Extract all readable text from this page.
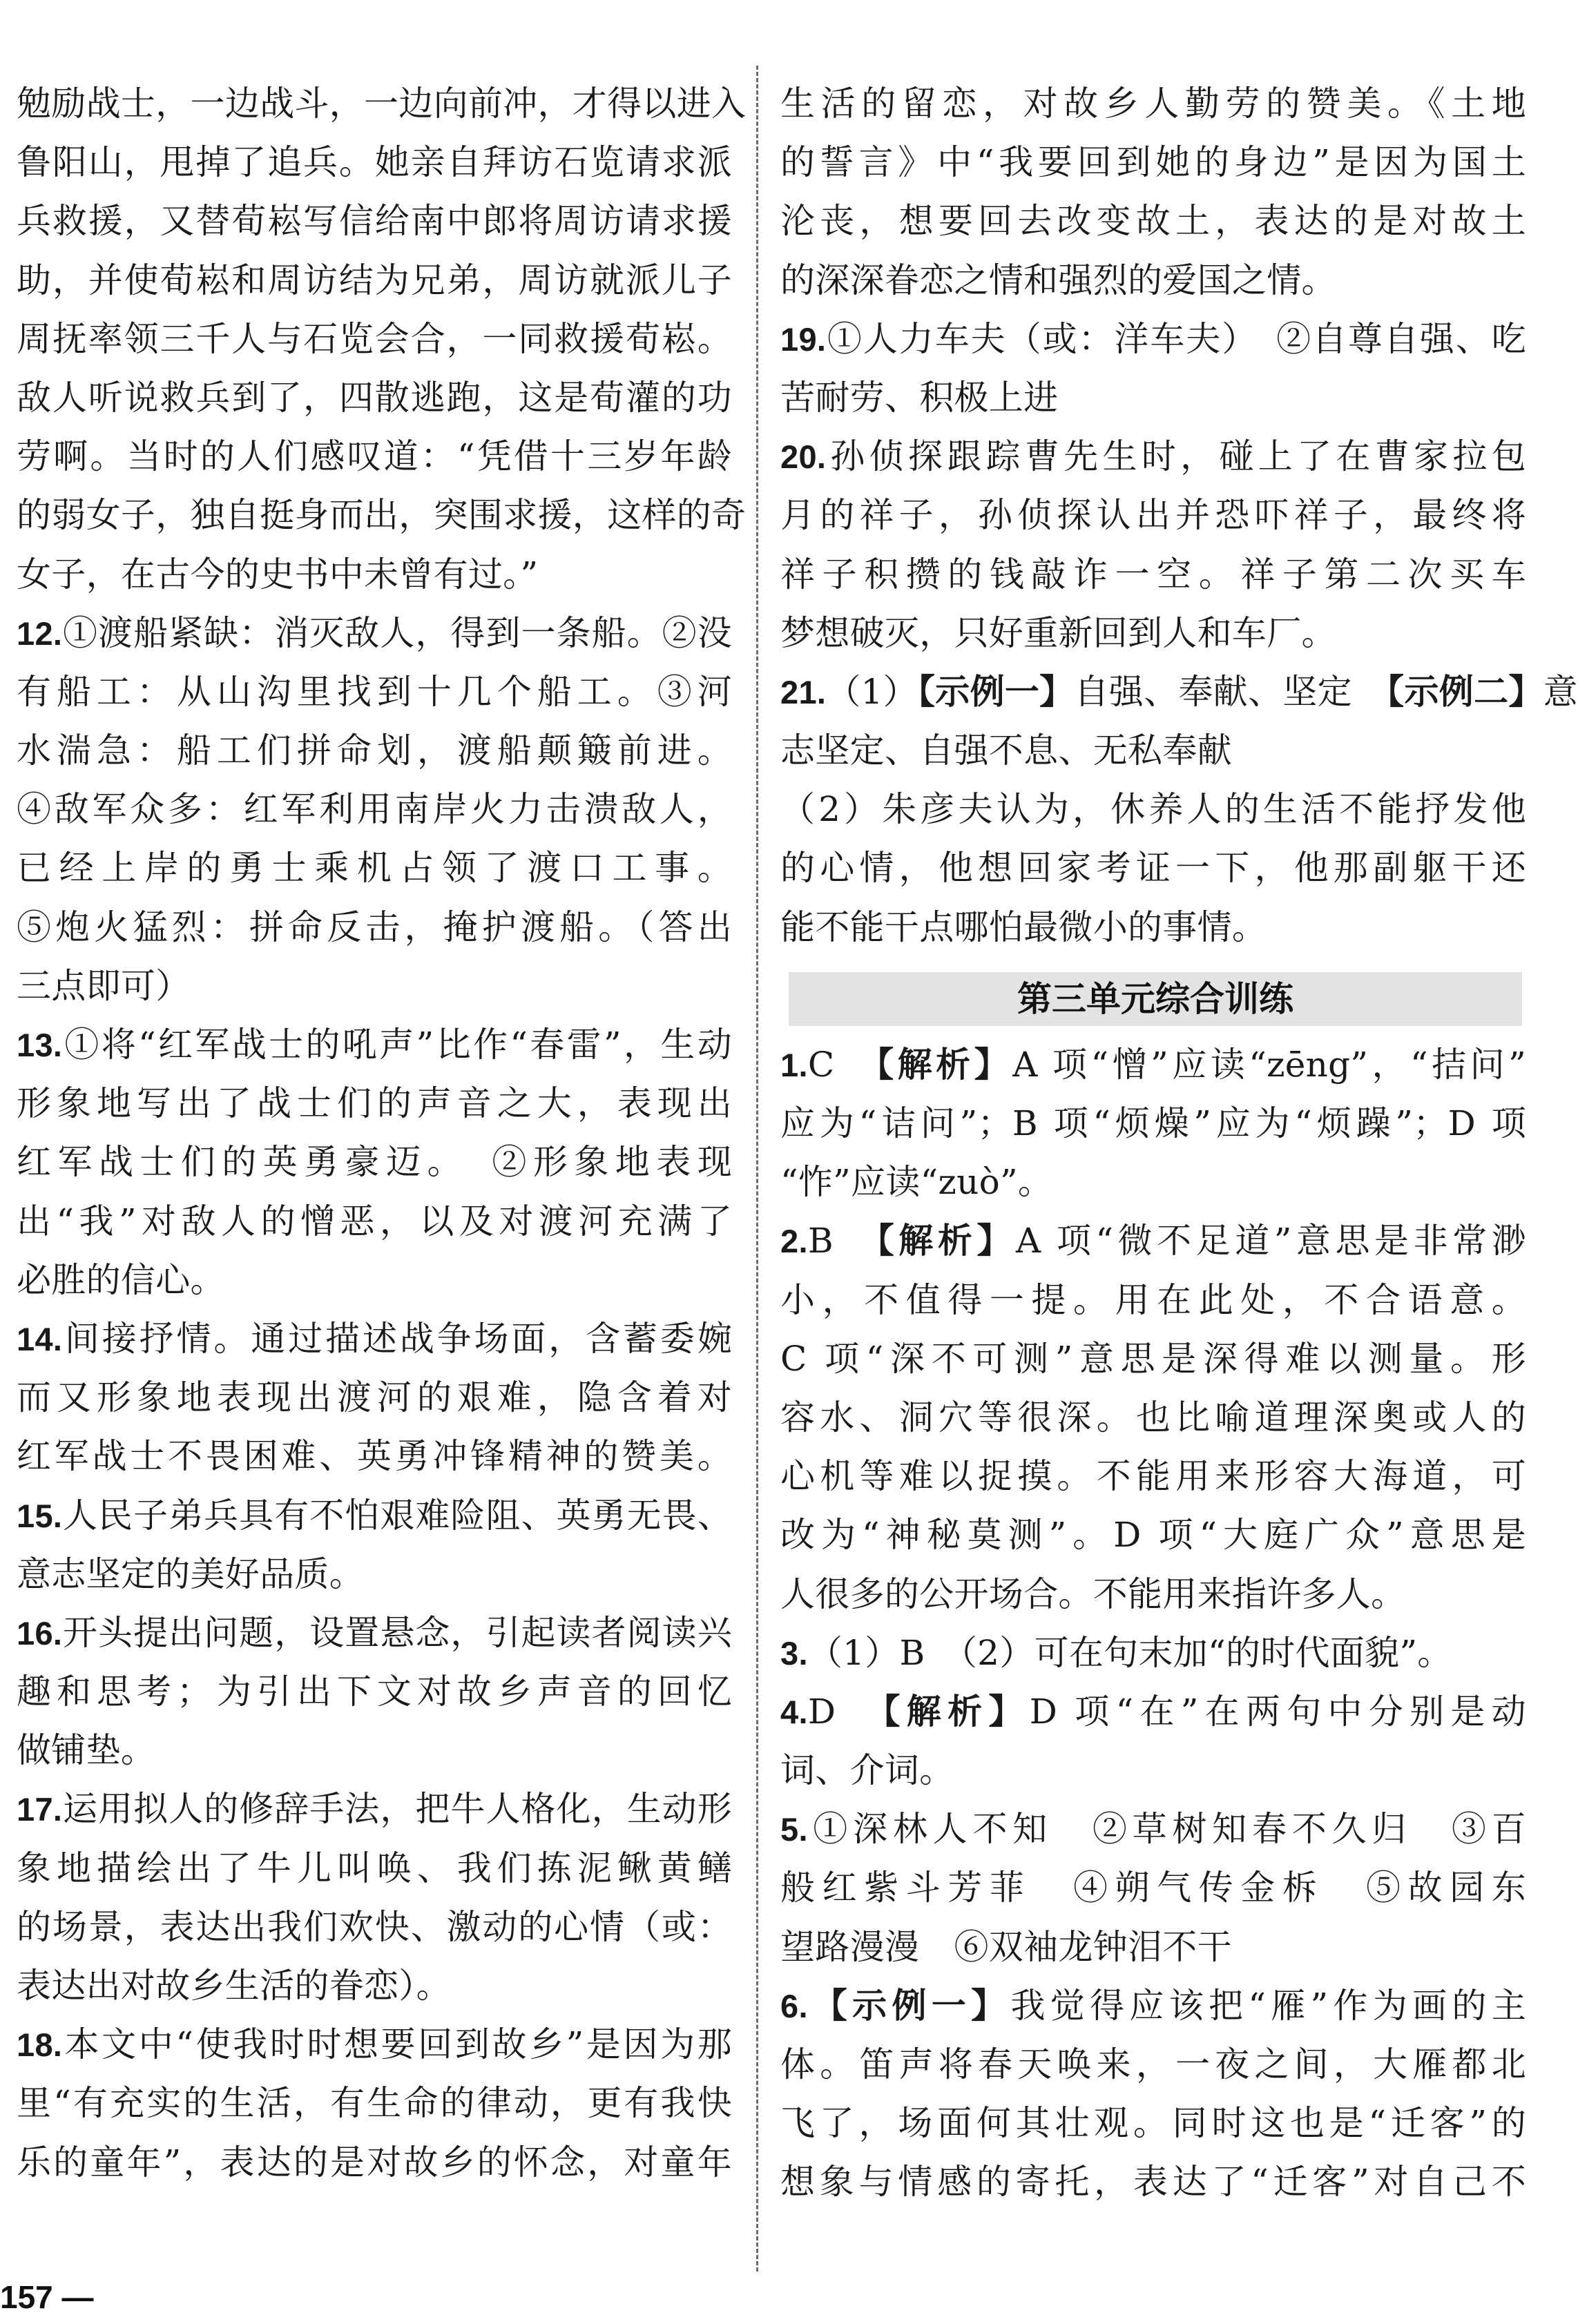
勉励战士，一边战斗，一边向前冲，才得以进入
鲁阳山，甩掉了追兵。她亲自拜访石览请求派
兵救援，又替荀崧写信给南中郎将周访请求援
助，并使荀崧和周访结为兄弟，周访就派儿子
周抚率领三千人与石览会合，一同救援荀崧。
敌人听说救兵到了，四散逃跑，这是荀灌的功
劳啊。当时的人们感叹道：“凭借十三岁年龄
的弱女子，独自挺身而出，突围求援，这样的奇
女子，在古今的史书中未曾有过。”
12.①渡船紧缺：消灭敌人，得到一条船。②没
有船工：从山沟里找到十几个船工。③河
水湍急：船工们拼命划，渡船颠簸前进。
④敌军众多：红军利用南岸火力击溃敌人，
已经上岸的勇士乘机占领了渡口工事。
⑤炮火猛烈：拼命反击，掩护渡船。（答出
三点即可）
13.①将“红军战士的吼声”比作“春雷”，生动
形象地写出了战士们的声音之大，表现出
红军战士们的英勇豪迈。　②形象地表现
出“我”对敌人的憎恶，以及对渡河充满了
必胜的信心。
14.间接抒情。通过描述战争场面，含蓄委婉
而又形象地表现出渡河的艰难，隐含着对
红军战士不畏困难、英勇冲锋精神的赞美。
15.人民子弟兵具有不怕艰难险阻、英勇无畏、
意志坚定的美好品质。
16.开头提出问题，设置悬念，引起读者阅读兴
趣和思考；为引出下文对故乡声音的回忆
做铺垫。
17.运用拟人的修辞手法，把牛人格化，生动形
象地描绘出了牛儿叫唤、我们拣泥鳅黄鳝
的场景，表达出我们欢快、激动的心情（或：
表达出对故乡生活的眷恋）。
18.本文中“使我时时想要回到故乡”是因为那
里“有充实的生活，有生命的律动，更有我快
乐的童年”，表达的是对故乡的怀念，对童年
生活的留恋，对故乡人勤劳的赞美。《土地
的誓言》中“我要回到她的身边”是因为国土
沦丧，想要回去改变故土，表达的是对故土
的深深眷恋之情和强烈的爱国之情。
19.①人力车夫（或：洋车夫）　②自尊自强、吃
苦耐劳、积极上进
20.孙侦探跟踪曹先生时，碰上了在曹家拉包
月的祥子，孙侦探认出并恐吓祥子，最终将
祥子积攒的钱敲诈一空。祥子第二次买车
梦想破灭，只好重新回到人和车厂。
21.（1）【示例一】自强、奉献、坚定　【示例二】意
志坚定、自强不息、无私奉献
（2）朱彦夫认为，休养人的生活不能抒发他
的心情，他想回家考证一下，他那副躯干还
能不能干点哪怕最微小的事情。
第三单元综合训练
1.C　【解析】A 项“憎”应读“zēng”，“拮问”
应为“诘问”；B 项“烦燥”应为“烦躁”；D 项
“怍”应读“zuò”。
2.B　【解析】A 项“微不足道”意思是非常渺
小，不值得一提。用在此处，不合语意。
C 项“深不可测”意思是深得难以测量。形
容水、洞穴等很深。也比喻道理深奥或人的
心机等难以捉摸。不能用来形容大海道，可
改为“神秘莫测”。D 项“大庭广众”意思是
人很多的公开场合。不能用来指许多人。
3.（1）B　（2）可在句末加“的时代面貌”。
4.D　【解析】D 项“在”在两句中分别是动
词、介词。
5.①深林人不知　②草树知春不久归　③百
般红紫斗芳菲　④朔气传金柝　⑤故园东
望路漫漫　⑥双袖龙钟泪不干
6.【示例一】我觉得应该把“雁”作为画的主
体。笛声将春天唤来，一夜之间，大雁都北
飞了，场面何其壮观。同时这也是“迁客”的
想象与情感的寄托，表达了“迁客”对自己不
157 —
